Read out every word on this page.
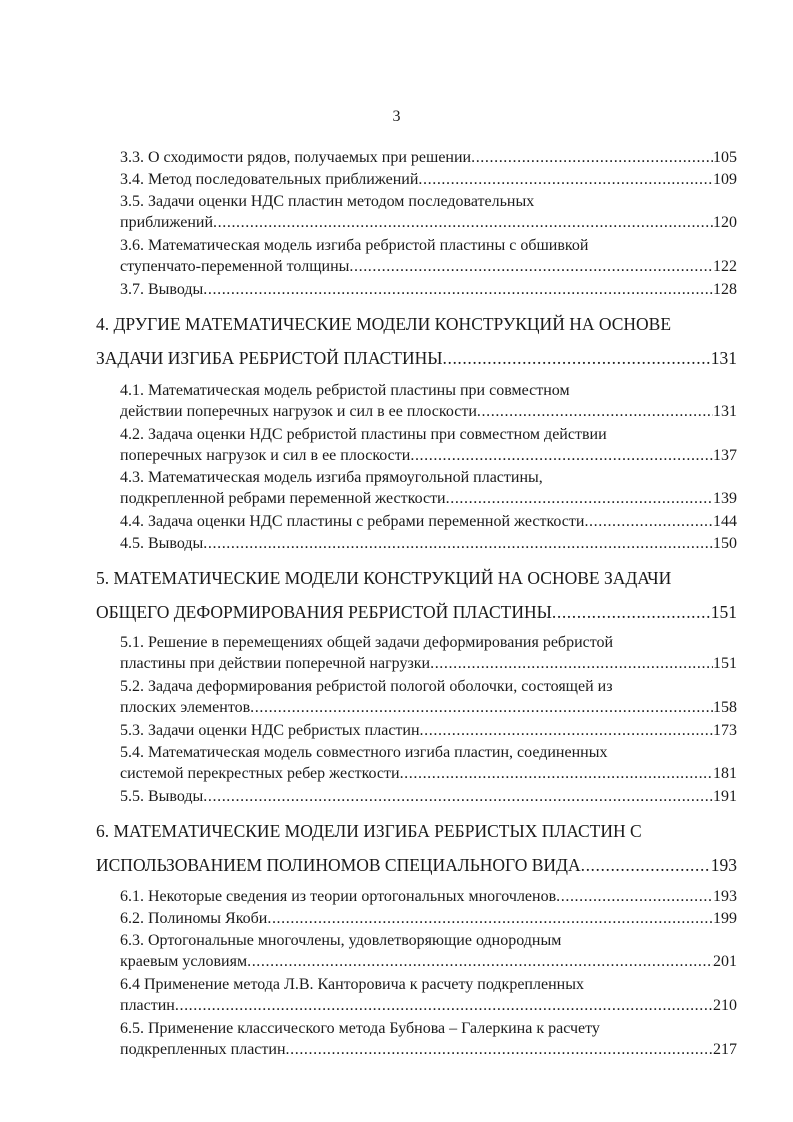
3
3.3. О сходимости рядов, получаемых при решении .....	105
3.4. Метод последовательных приближений .....	109
3.5. Задачи оценки НДС пластин методом последовательных
приближений .....	120
3.6. Математическая модель изгиба ребристой пластины с обшивкой
ступенчато-переменной толщины .....	122
3.7. Выводы .....	128
4. ДРУГИЕ МАТЕМАТИЧЕСКИЕ МОДЕЛИ КОНСТРУКЦИЙ НА ОСНОВЕ
ЗАДАЧИ ИЗГИБА РЕБРИСТОЙ ПЛАСТИНЫ .....	131
4.1. Математическая модель ребристой пластины при совместном
действии поперечных нагрузок и сил в ее плоскости .....	131
4.2. Задача оценки НДС ребристой пластины при совместном действии
поперечных нагрузок и сил в ее плоскости .....	137
4.3. Математическая модель изгиба прямоугольной пластины,
подкрепленной ребрами переменной жесткости .....	139
4.4. Задача оценки НДС пластины с ребрами переменной жесткости .....	144
4.5. Выводы .....	150
5. МАТЕМАТИЧЕСКИЕ МОДЕЛИ КОНСТРУКЦИЙ НА ОСНОВЕ ЗАДАЧИ
ОБЩЕГО ДЕФОРМИРОВАНИЯ РЕБРИСТОЙ ПЛАСТИНЫ .....	151
5.1. Решение в перемещениях общей задачи деформирования ребристой
пластины при действии поперечной нагрузки .....	151
5.2. Задача деформирования ребристой пологой оболочки, состоящей из
плоских элементов .....	158
5.3. Задачи оценки НДС ребристых пластин .....	173
5.4. Математическая модель совместного изгиба пластин, соединенных
системой перекрестных ребер жесткости .....	181
5.5. Выводы .....	191
6. МАТЕМАТИЧЕСКИЕ МОДЕЛИ ИЗГИБА РЕБРИСТЫХ ПЛАСТИН С
ИСПОЛЬЗОВАНИЕМ ПОЛИНОМОВ СПЕЦИАЛЬНОГО ВИДА .....	193
6.1. Некоторые сведения из теории ортогональных многочленов .....	193
6.2. Полиномы Якоби .....	199
6.3. Ортогональные многочлены, удовлетворяющие однородным
краевым условиям .....	201
6.4 Применение метода Л.В. Канторовича к расчету подкрепленных
пластин .....	210
6.5. Применение классического метода Бубнова – Галеркина к расчету
подкрепленных пластин .....	217
